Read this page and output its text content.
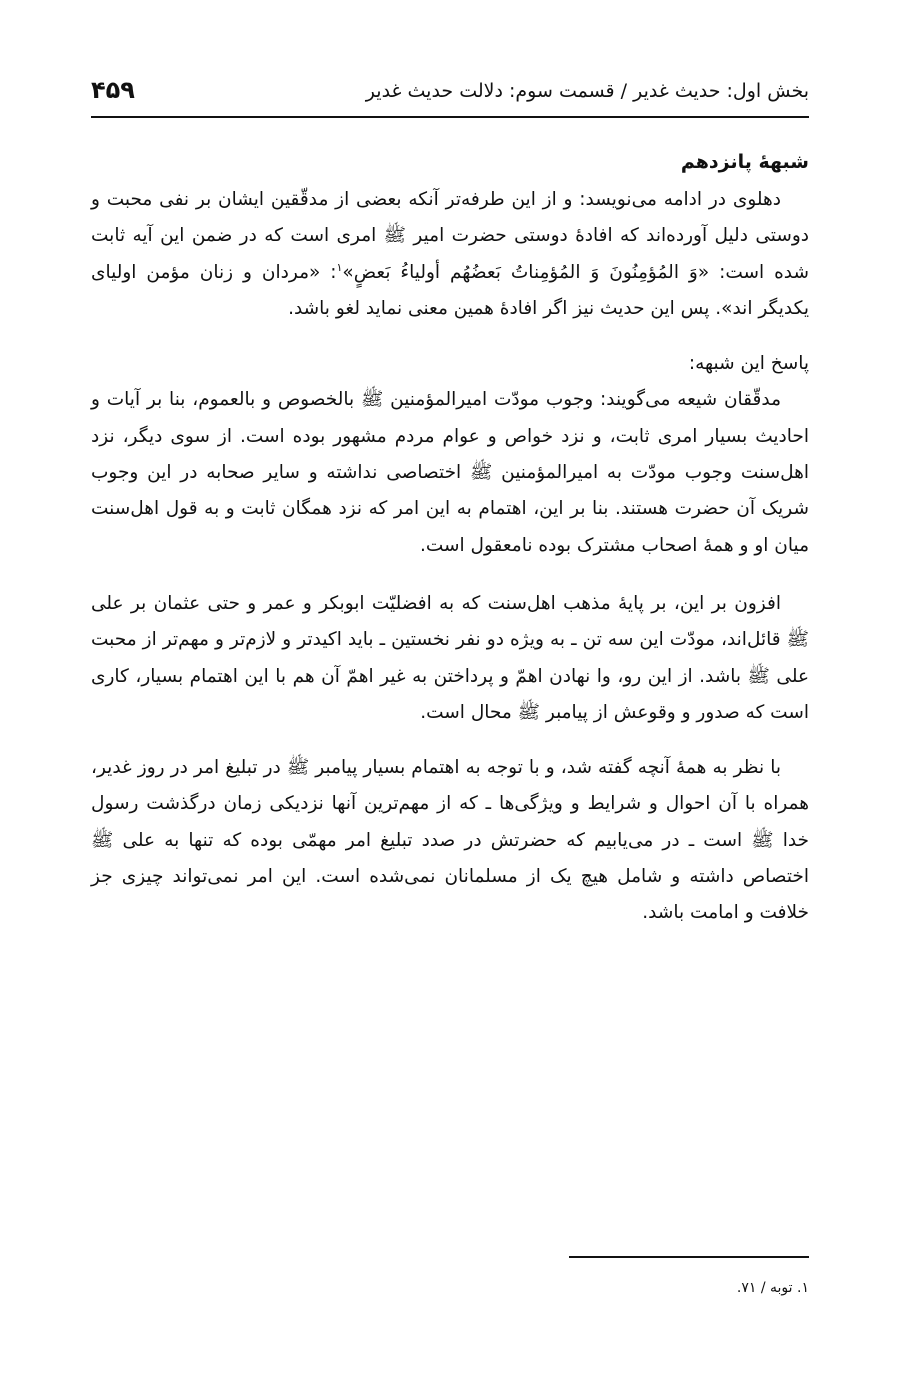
بخش اول: حدیث غدیر / قسمت سوم: دلالت حدیث غدیر
۴۵۹
شبهۀ پانزدهم

دهلوی در ادامه می‌نویسد: و از این طرفه‌تر آنکه بعضی از مدقّقین ایشان بر نفی محبت و دوستی دلیل آورده‌اند که افادۀ دوستی حضرت امیر ﷺ امری است که در ضمن این آیه ثابت شده است: «وَ المُؤمِنُونَ وَ المُؤمِناتُ بَعضُهُم أولیاءُ بَعضٍ»$^۱$: «مردان و زنان مؤمن اولیای یکدیگر اند». پس این حدیث نیز اگر افادۀ همین معنی نماید لغو باشد.

پاسخ این شبهه:

مدقّقان شیعه می‌گویند: وجوب مودّت امیرالمؤمنین ﷺ بالخصوص و بالعموم، بنا بر آیات و احادیث بسیار امری ثابت، و نزد خواص و عوام مردم مشهور بوده است. از سوی دیگر، نزد اهل‌سنت وجوب مودّت به امیرالمؤمنین ﷺ اختصاصی نداشته و سایر صحابه در این وجوب شریک آن حضرت هستند. بنا بر این، اهتمام به این امر که نزد همگان ثابت و به قول اهل‌سنت میان او و همۀ اصحاب مشترک بوده نامعقول است.

افزون بر این، بر پایۀ مذهب اهل‌سنت که به افضلیّت ابوبکر و عمر و حتی عثمان بر علی ﷺ قائل‌اند، مودّت این سه تن ـ به ویژه دو نفر نخستین ـ باید اکیدتر و لازم‌تر و مهم‌تر از محبت علی ﷺ باشد. از این رو، وا نهادن اهمّ و پرداختن به غیر اهمّ آن هم با این اهتمام بسیار، کاری است که صدور و وقوعش از پیامبر ﷺ محال است.

با نظر به همۀ آنچه گفته شد، و با توجه به اهتمام بسیار پیامبر ﷺ در تبلیغ امر در روز غدیر، همراه با آن احوال و شرایط و ویژگی‌ها ـ که از مهم‌ترین آنها نزدیکی زمان درگذشت رسول خدا ﷺ است ـ در می‌یابیم که حضرتش در صدد تبلیغ امر مهمّی بوده که تنها به علی ﷺ اختصاص داشته و شامل هیچ یک از مسلمانان نمی‌شده است. این امر نمی‌تواند چیزی جز خلافت و امامت باشد.

۱. توبه / ۷۱.
